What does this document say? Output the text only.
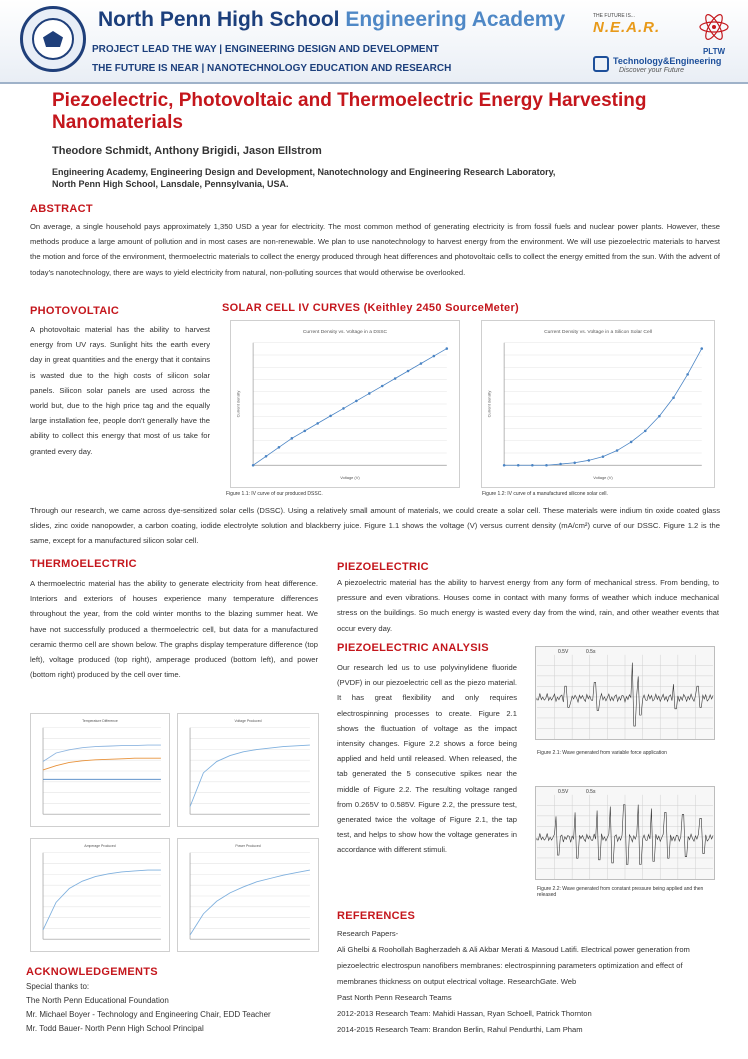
North Penn High School Engineering Academy
PROJECT LEAD THE WAY | ENGINEERING DESIGN AND DEVELOPMENT
THE FUTURE IS NEAR | NANOTECHNOLOGY EDUCATION AND RESEARCH
THE FUTURE IS...
N.E.A.R.
PLTW
Technology&Engineering
Discover your Future
Piezoelectric, Photovoltaic and Thermoelectric Energy Harvesting Nanomaterials
Theodore Schmidt, Anthony Brigidi, Jason Ellstrom
Engineering Academy, Engineering Design and Development, Nanotechnology and Engineering Research Laboratory,
North Penn High School, Lansdale, Pennsylvania, USA.
ABSTRACT
On average, a single household pays approximately 1,350 USD a year for electricity. The most common method of generating electricity is from fossil fuels and nuclear power plants. However, these methods produce a large amount of pollution and in most cases are non-renewable. We plan to use nanotechnology to harvest energy from the environment. We will use piezoelectric materials to harvest the motion and force of the environment, thermoelectric materials to collect the energy produced through heat differences and photovoltaic cells to collect the energy emitted from the sun. With the advent of today's nanotechnology, there are ways to yield electricity from natural, non-polluting sources that would otherwise be overlooked.
PHOTOVOLTAIC
A photovoltaic material has the ability to harvest energy from UV rays. Sunlight hits the earth every day in great quantities and the energy that it contains is wasted due to the high costs of silicon solar panels. Silicon solar panels are used across the world but, due to the high price tag and the equally large installation fee, people don't generally have the ability to collect this energy that most of us take for granted every day.
SOLAR CELL IV CURVES (Keithley 2450 SourceMeter)
Current Density vs. Voltage in a DSSC
Voltage (V)
Current density
Figure 1.1: IV curve of our produced DSSC.
Current Density vs. Voltage in a Silicon Solar Cell
Voltage (V)
Current density
Figure 1.2: IV curve of a manufactured silicone solar cell.
Through our research, we came across dye-sensitized solar cells (DSSC). Using a relatively small amount of materials, we could create a solar cell. These materials were indium tin oxide coated glass slides, zinc oxide nanopowder, a carbon coating, iodide electrolyte solution and blackberry juice. Figure 1.1 shows the voltage (V) versus current density (mA/cm²) curve of our DSSC. Figure 1.2 is the same, except for a manufactured silicon solar cell.
THERMOELECTRIC
A thermoelectric material has the ability to generate electricity from heat difference. Interiors and exteriors of houses experience many temperature differences throughout the year, from the cold winter months to the blazing summer heat. We have not successfully produced a thermoelectric cell, but data for a manufactured ceramic thermo cell are shown below. The graphs display temperature difference (top left), voltage produced (top right), amperage produced (bottom left), and power (bottom right) produced by the cell over time.
Temperature Difference	Voltage Produced
Amperage Produced	Power Produced
PIEZOELECTRIC
A piezoelectric material has the ability to harvest energy from any form of mechanical stress. From bending, to pressure and even vibrations. Houses come in contact with many forms of weather which induce mechanical stress on the buildings. So much energy is wasted every day from the wind, rain, and other weather events that occur every day.
PIEZOELECTRIC ANALYSIS
Our research led us to use polyvinylidene fluoride (PVDF) in our piezoelectric cell as the piezo material. It has great flexibility and only requires electrospinning processes to create. Figure 2.1 shows the fluctuation of voltage as the impact intensity changes. Figure 2.2 shows a force being applied and held until released. When released, the tab generated the 5 consecutive spikes near the middle of Figure 2.2. The resulting voltage ranged from 0.265V to 0.585V. Figure 2.2, the pressure test, generated twice the voltage of Figure 2.1, the tap test, and helps to show how the voltage generates in accordance with different stimuli.
0.5V	0.5s
Figure 2.1: Wave generated from variable force application
0.5V	0.5s
Figure 2.2: Wave generated from constant pressure being applied and then released
REFERENCES
Research Papers-
Ali Ghelbi & Roohollah Bagherzadeh & Ali Akbar Merati & Masoud Latifi. Electrical power generation from piezoelectric electrospun nanofibers membranes: electrospinning parameters optimization and effect of membranes thickness on output electrical voltage. ResearchGate. Web
Past North Penn Research Teams
2012-2013 Research Team: Mahidi Hassan, Ryan Schoell, Patrick Thornton
2014-2015 Research Team: Brandon Berlin, Rahul Pendurthi, Lam Pham
ACKNOWLEDGEMENTS
Special thanks to:
The North Penn Educational Foundation
Mr. Michael Boyer - Technology and Engineering Chair, EDD Teacher
Mr. Todd Bauer- North Penn High School Principal
